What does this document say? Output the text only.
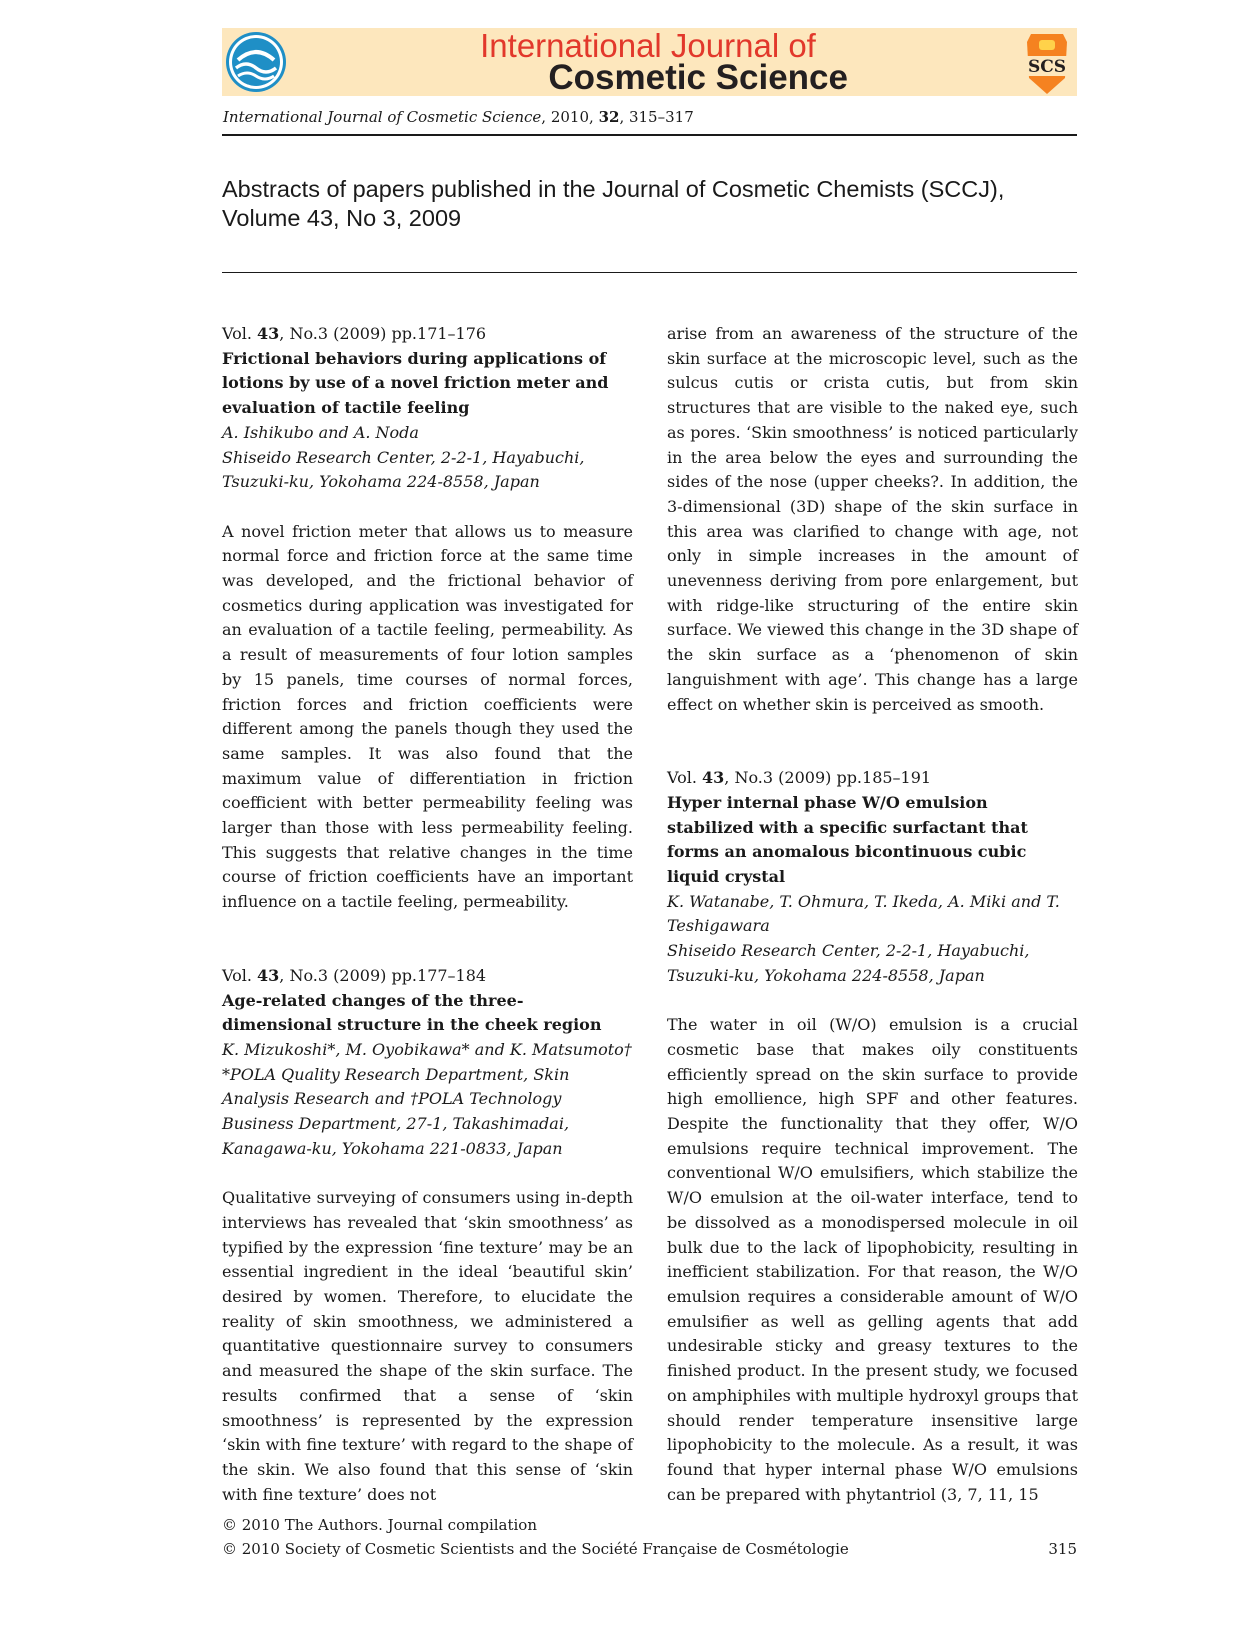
International Journal of
Cosmetic Science	SCS
International Journal of Cosmetic Science, 2010, 32, 315–317
Abstracts of papers published in the Journal of Cosmetic Chemists (SCCJ),
Volume 43, No 3, 2009
Vol. 43, No.3 (2009) pp.171–176
Frictional behaviors during applications of lotions by use of a novel friction meter and evaluation of tactile feeling
A. Ishikubo and A. Noda
Shiseido Research Center, 2-2-1, Hayabuchi, Tsuzuki-ku, Yokohama 224-8558, Japan

A novel friction meter that allows us to measure normal force and friction force at the same time was developed, and the frictional behavior of cosmetics during application was investigated for an evaluation of a tactile feeling, permeability. As a result of measurements of four lotion samples by 15 panels, time courses of normal forces, friction forces and friction coefficients were different among the panels though they used the same samples. It was also found that the maximum value of differentiation in friction coefficient with better permeability feeling was larger than those with less permeability feeling. This suggests that relative changes in the time course of friction coefficients have an important influence on a tactile feeling, permeability.

Vol. 43, No.3 (2009) pp.177–184
Age-related changes of the three-dimensional structure in the cheek region
K. Mizukoshi*, M. Oyobikawa* and K. Matsumoto†
*POLA Quality Research Department, Skin Analysis Research and †POLA Technology Business Department, 27-1, Takashimadai, Kanagawa-ku, Yokohama 221-0833, Japan

Qualitative surveying of consumers using in-depth interviews has revealed that ‘skin smoothness’ as typified by the expression ‘fine texture’ may be an essential ingredient in the ideal ‘beautiful skin’ desired by women. Therefore, to elucidate the reality of skin smoothness, we administered a quantitative questionnaire survey to consumers and measured the shape of the skin surface. The results confirmed that a sense of ‘skin smoothness’ is represented by the expression ‘skin with fine texture’ with regard to the shape of the skin. We also found that this sense of ‘skin with fine texture’ does not

arise from an awareness of the structure of the skin surface at the microscopic level, such as the sulcus cutis or crista cutis, but from skin structures that are visible to the naked eye, such as pores. ‘Skin smoothness’ is noticed particularly in the area below the eyes and surrounding the sides of the nose (upper cheeks?. In addition, the 3-dimensional (3D) shape of the skin surface in this area was clarified to change with age, not only in simple increases in the amount of unevenness deriving from pore enlargement, but with ridge-like structuring of the entire skin surface. We viewed this change in the 3D shape of the skin surface as a ‘phenomenon of skin languishment with age’. This change has a large effect on whether skin is perceived as smooth.

Vol. 43, No.3 (2009) pp.185–191
Hyper internal phase W/O emulsion stabilized with a specific surfactant that forms an anomalous bicontinuous cubic liquid crystal
K. Watanabe, T. Ohmura, T. Ikeda, A. Miki and T. Teshigawara
Shiseido Research Center, 2-2-1, Hayabuchi, Tsuzuki-ku, Yokohama 224-8558, Japan

The water in oil (W/O) emulsion is a crucial cosmetic base that makes oily constituents efficiently spread on the skin surface to provide high emollience, high SPF and other features. Despite the functionality that they offer, W/O emulsions require technical improvement. The conventional W/O emulsifiers, which stabilize the W/O emulsion at the oil-water interface, tend to be dissolved as a monodispersed molecule in oil bulk due to the lack of lipophobicity, resulting in inefficient stabilization. For that reason, the W/O emulsion requires a considerable amount of W/O emulsifier as well as gelling agents that add undesirable sticky and greasy textures to the finished product. In the present study, we focused on amphiphiles with multiple hydroxyl groups that should render temperature insensitive large lipophobicity to the molecule. As a result, it was found that hyper internal phase W/O emulsions can be prepared with phytantriol (3, 7, 11, 15

© 2010 The Authors. Journal compilation
© 2010 Society of Cosmetic Scientists and the Société Française de Cosmétologie	315
